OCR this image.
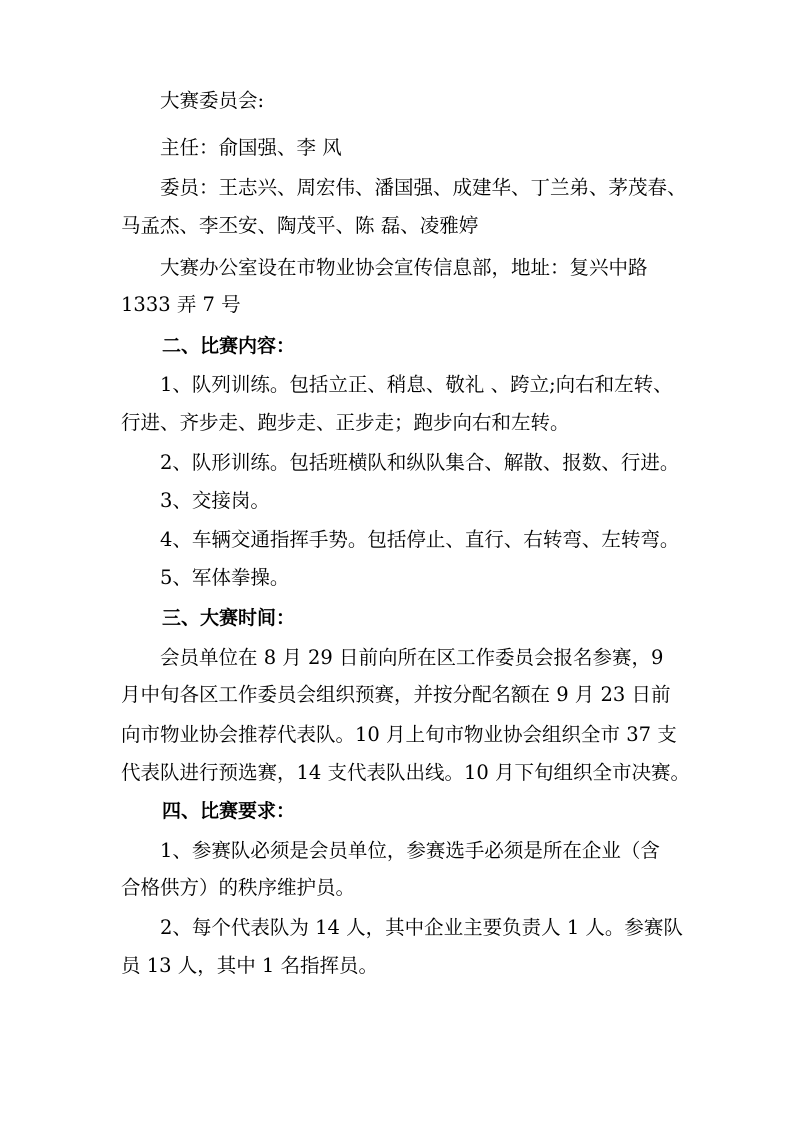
大赛委员会:
主任：俞国强、李 风
委员：王志兴、周宏伟、潘国强、成建华、丁兰弟、茅茂春、
马孟杰、李丕安、陶茂平、陈 磊、凌雅婷
大赛办公室设在市物业协会宣传信息部，地址：复兴中路
1333 弄 7 号
二、比赛内容：
1、队列训练。包括立正、稍息、敬礼 、跨立;向右和左转、
行进、齐步走、跑步走、正步走；跑步向右和左转。
2、队形训练。包括班横队和纵队集合、解散、报数、行进。
3、交接岗。
4、车辆交通指挥手势。包括停止、直行、右转弯、左转弯。
5、军体拳操。
三、大赛时间：
会员单位在 8 月 29 日前向所在区工作委员会报名参赛，9
月中旬各区工作委员会组织预赛，并按分配名额在 9 月 23 日前
向市物业协会推荐代表队。10 月上旬市物业协会组织全市 37 支
代表队进行预选赛，14 支代表队出线。10 月下旬组织全市决赛。
四、比赛要求：
1、参赛队必须是会员单位，参赛选手必须是所在企业（含
合格供方）的秩序维护员。
2、每个代表队为 14 人，其中企业主要负责人 1 人。参赛队
员 13 人，其中 1 名指挥员。
